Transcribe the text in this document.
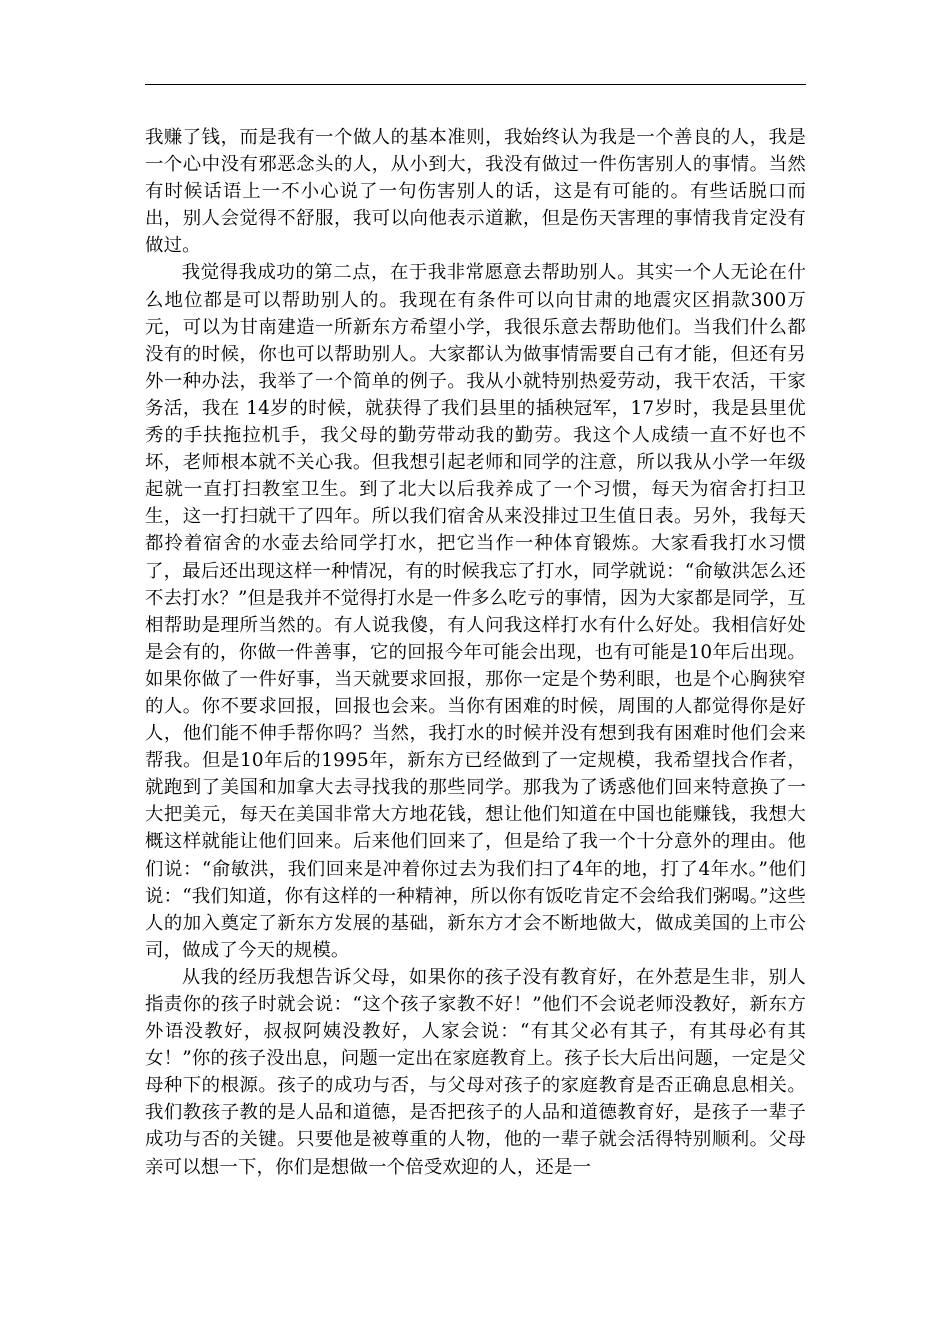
我赚了钱，而是我有一个做人的基本准则，我始终认为我是一个善良的人，我是一个心中没有邪恶念头的人，从小到大，我没有做过一件伤害别人的事情。当然有时候话语上一不小心说了一句伤害别人的话，这是有可能的。有些话脱口而出，别人会觉得不舒服，我可以向他表示道歉，但是伤天害理的事情我肯定没有做过。

我觉得我成功的第二点，在于我非常愿意去帮助别人。其实一个人无论在什么地位都是可以帮助别人的。我现在有条件可以向甘肃的地震灾区捐款300万元，可以为甘南建造一所新东方希望小学，我很乐意去帮助他们。当我们什么都没有的时候，你也可以帮助别人。大家都认为做事情需要自己有才能，但还有另外一种办法，我举了一个简单的例子。我从小就特别热爱劳动，我干农活，干家务活，我在 14岁的时候，就获得了我们县里的插秧冠军，17岁时，我是县里优秀的手扶拖拉机手，我父母的勤劳带动我的勤劳。我这个人成绩一直不好也不坏，老师根本就不关心我。但我想引起老师和同学的注意，所以我从小学一年级起就一直打扫教室卫生。到了北大以后我养成了一个习惯，每天为宿舍打扫卫生，这一打扫就干了四年。所以我们宿舍从来没排过卫生值日表。另外，我每天都拎着宿舍的水壶去给同学打水，把它当作一种体育锻炼。大家看我打水习惯了，最后还出现这样一种情况，有的时候我忘了打水，同学就说：“俞敏洪怎么还不去打水？”但是我并不觉得打水是一件多么吃亏的事情，因为大家都是同学，互相帮助是理所当然的。有人说我傻，有人问我这样打水有什么好处。我相信好处是会有的，你做一件善事，它的回报今年可能会出现，也有可能是10年后出现。如果你做了一件好事，当天就要求回报，那你一定是个势利眼，也是个心胸狭窄的人。你不要求回报，回报也会来。当你有困难的时候，周围的人都觉得你是好人，他们能不伸手帮你吗？当然，我打水的时候并没有想到我有困难时他们会来帮我。但是10年后的1995年，新东方已经做到了一定规模，我希望找合作者，就跑到了美国和加拿大去寻找我的那些同学。那我为了诱惑他们回来特意换了一大把美元，每天在美国非常大方地花钱，想让他们知道在中国也能赚钱，我想大概这样就能让他们回来。后来他们回来了，但是给了我一个十分意外的理由。他们说：“俞敏洪，我们回来是冲着你过去为我们扫了4年的地，打了4年水。”他们说：“我们知道，你有这样的一种精神，所以你有饭吃肯定不会给我们粥喝。”这些人的加入奠定了新东方发展的基础，新东方才会不断地做大，做成美国的上市公司，做成了今天的规模。

从我的经历我想告诉父母，如果你的孩子没有教育好，在外惹是生非，别人指责你的孩子时就会说：“这个孩子家教不好！”他们不会说老师没教好，新东方外语没教好，叔叔阿姨没教好，人家会说：“有其父必有其子，有其母必有其女！”你的孩子没出息，问题一定出在家庭教育上。孩子长大后出问题，一定是父母种下的根源。孩子的成功与否，与父母对孩子的家庭教育是否正确息息相关。我们教孩子教的是人品和道德，是否把孩子的人品和道德教育好，是孩子一辈子成功与否的关键。只要他是被尊重的人物，他的一辈子就会活得特别顺利。父母亲可以想一下，你们是想做一个倍受欢迎的人，还是一
